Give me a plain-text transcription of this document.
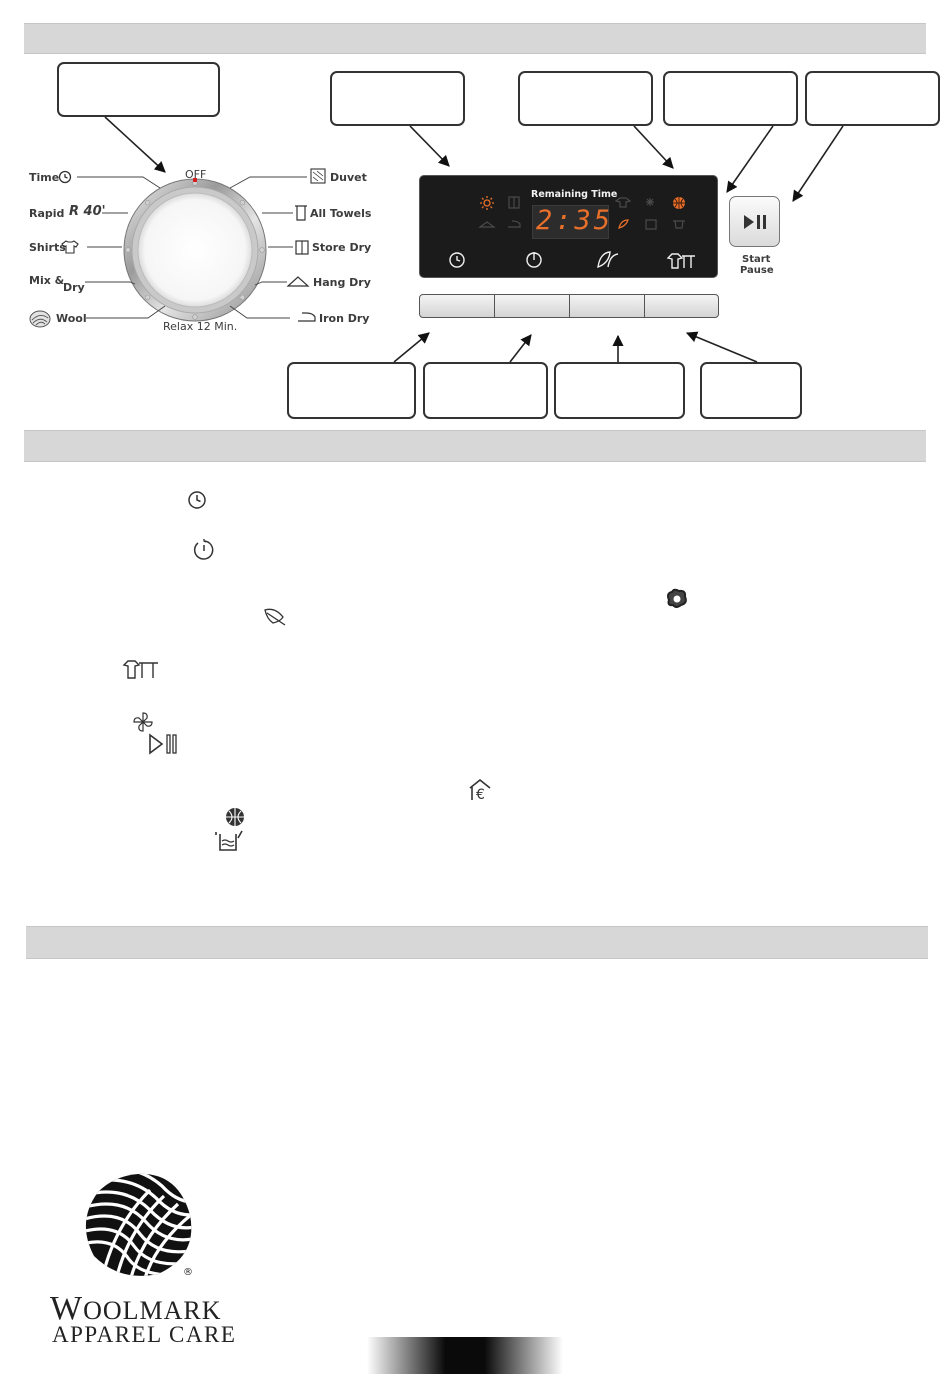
OFF
Relax 12 Min.
Time
Rapid R 40'
Shirts
Mix &
Dry
Wool
Duvet
All Towels
Store Dry
Hang Dry
Iron Dry
Remaining Time
2:35
Start
Pause
€
®
WOOLMARK
APPAREL CARE
